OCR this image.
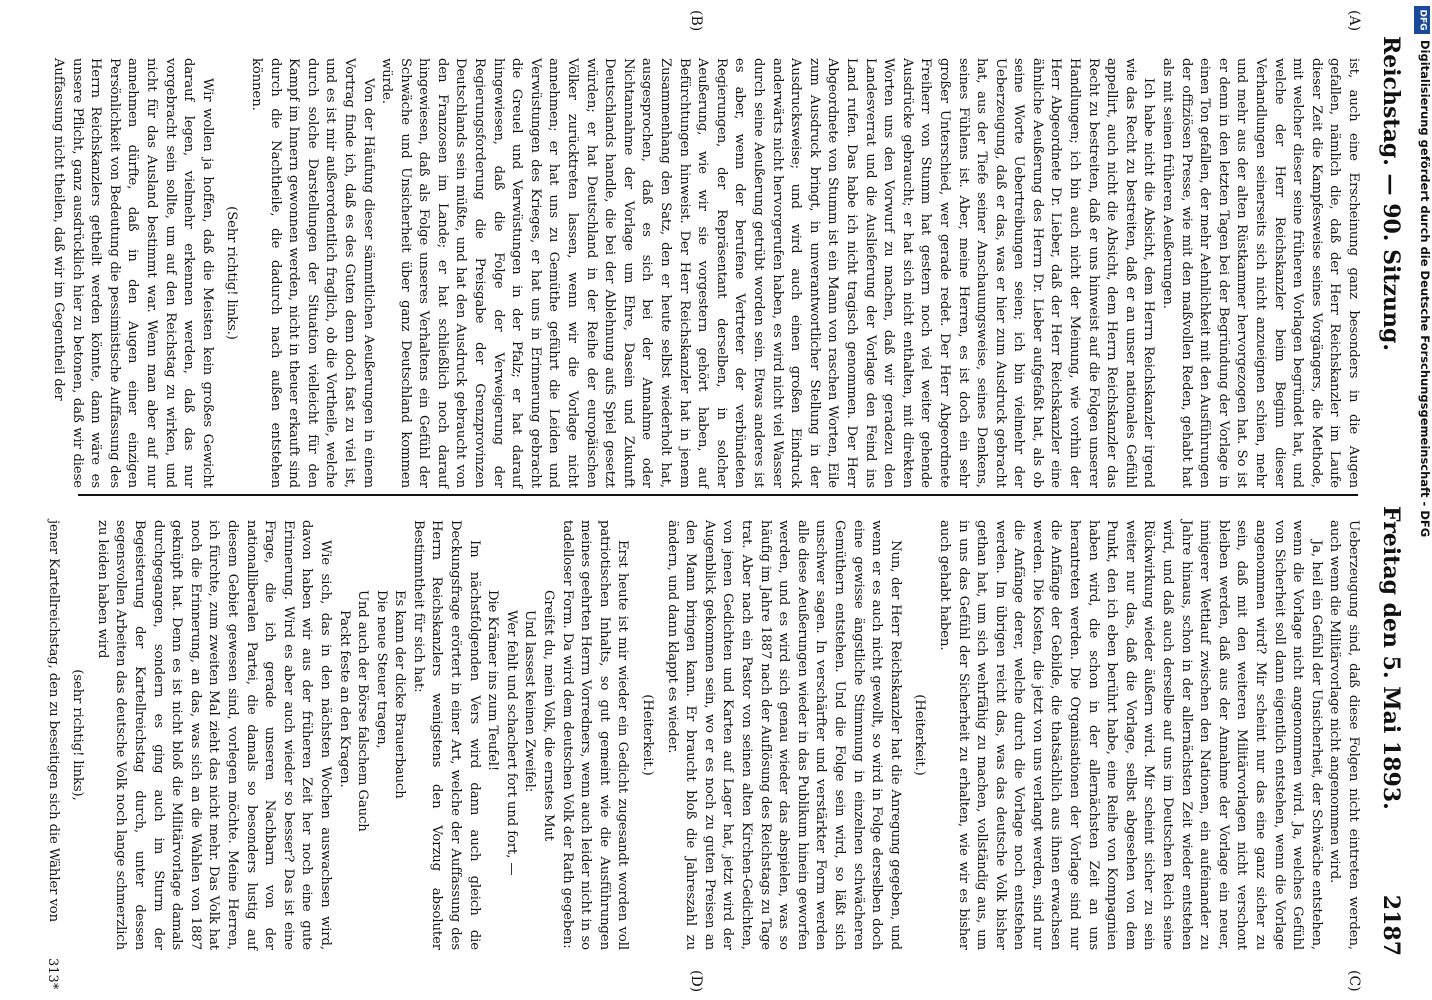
Reichstag. — 90. Sitzung.
Freitag den 5. Mai 1893.
2187
(A)
(B)
(C)
(D)

ist, auch eine Erscheinung ganz besonders in die Augen gefallen, nämlich die, daß der Herr Reichskanzler im Laufe dieser Zeit die Kampfesweise seines Vorgängers, die Methode, mit welcher dieser seine früheren Vorlagen begründet hat, und welche der Herr Reichskanzler beim Beginn dieser Verhandlungen seinerseits sich nicht anzueignen schien, mehr und mehr aus der alten Rüstkammer hervorgezogen hat. So ist er denn in den letzten Tagen bei der Begründung der Vorlage in einen Ton gefallen, der mehr Aehnlichkeit mit den Ausführungen der offiziösen Presse, wie mit den maßvollen Reden, gehabt hat als mit seinen früheren Aeußerungen.

Ich habe nicht die Absicht, dem Herrn Reichskanzler irgend wie das Recht zu bestreiten, daß er an unser nationales Gefühl appellirt, auch nicht die Absicht, dem Herrn Reichskanzler das Recht zu bestreiten, daß er uns hinweist auf die Folgen unserer Handlungen; ich bin auch nicht der Meinung, wie vorhin der Herr Abgeordnete Dr. Lieber, daß der Herr Reichskanzler eine ähnliche Aeußerung des Herrn Dr. Lieber aufgefaßt hat, als ob seine Worte Uebertreibungen seien; ich bin vielmehr der Ueberzeugung, daß er das, was er hier zum Ausdruck gebracht hat, aus der Tiefe seiner Anschauungsweise, seines Denkens, seines Fühlens ist. Aber, meine Herren, es ist doch ein sehr großer Unterschied, wer gerade redet. Der Herr Abgeordnete Freiherr von Stumm hat gestern noch viel weiter gehende Ausdrücke gebraucht; er hat sich nicht enthalten, mit direkten Worten uns den Vorwurf zu machen, daß wir geradezu den Landesverrat und die Auslieferung der Vorlage den Feind ins Land rufen. Das habe ich nicht tragisch genommen. Der Herr Abgeordnete von Stumm ist ein Mann von raschen Worten, Eile zum Ausdruck bringt, in unverantwortlicher Stellung in der Ausdrucksweise; und wird auch einen großen Eindruck anderwärts nicht hervorgerufen haben, es wird nicht viel Wasser durch seine Aeußerung getrübt worden sein. Etwas anderes ist es aber, wenn der berufene Vertreter der verbündeten Regierungen, der Repräsentant derselben, in solcher Aeußerung, wie wir sie vorgestern gehört haben, auf Befürchtungen hinweist. Der Herr Reichskanzler hat in jenem Zusammenhang den Satz, den er heute selbst wiederholt hat, ausgesprochen, daß es sich bei der Annahme oder Nichtannahme der Vorlage um Ehre, Dasein und Zukunft Deutschlands handle, die bei der Ablehnung aufs Spiel gesetzt würden; er hat Deutschland in der Reihe der europäischen Völker zurücktreten lassen, wenn wir die Vorlage nicht annehmen; er hat uns zu Gemüthe geführt die Leiden und Verwüstungen des Krieges, er hat uns in Erinnerung gebracht die Greuel und Verwüstungen in der Pfalz; er hat darauf hingewiesen, daß die Folge der Verweigerung der Regierungsforderung die Preisgabe der Grenzprovinzen Deutschlands sein müßte, und hat den Ausdruck gebraucht von den Franzosen im Lande; er hat schließlich noch darauf hingewiesen, daß als Folge unseres Verhaltens ein Gefühl der Schwäche und Unsicherheit über ganz Deutschland kommen würde.

Von der Häufung dieser sämmtlichen Aeußerungen in einem Vortrag finde ich, daß es des Guten denn doch fast zu viel ist, und es ist mir außerordentlich fraglich, ob die Vortheile, welche durch solche Darstellungen der Situation vielleicht für den Kampf im Innern gewonnen werden, nicht in theuer erkauft sind durch die Nachtheile, die dadurch nach außen entstehen können.

(Sehr richtig! links.)

Wir wollen ja hoffen, daß die Meisten kein großes Gewicht darauf legen, vielmehr erkennen werden, daß das nur vorgebracht sein sollte, um auf den Reichstag zu wirken, und nicht für das Ausland bestimmt war. Wenn man aber auf nur annehmen dürfte, daß in den Augen einer einzigen Persönlichkeit von Bedeutung die pessimistische Auffassung des Herrn Reichskanzlers getheilt werden könnte, dann wäre es unsere Pflicht, ganz ausdrücklich hier zu betonen, daß wir diese Auffassung nicht theilen, daß wir im Gegentheil der

Ueberzeugung sind, daß diese Folgen nicht eintreten werden, auch wenn die Militärvorlage nicht angenommen wird.

Ja, heil ein Gefühl der Unsicherheit, der Schwäche entstehen, wenn die Vorlage nicht angenommen wird. Ja, welches Gefühl von Sicherheit soll dann eigentlich entstehen, wenn die Vorlage angenommen wird? Mir scheint nur das eine ganz sicher zu sein, daß mit den weiteren Militärvorlagen nicht verschont bleiben werden, daß aus der Annahme der Vorlage ein neuer, innigerer Wettlauf zwischen den Nationen, ein aufeinander zu Jahre hinaus, schon in der allernächsten Zeit wieder entstehen wird, und daß auch derselbe auf uns im Deutschen Reich seine Rückwirkung wieder äußern wird. Mir scheint sicher zu sein weiter nur das, daß die Vorlage, selbst abgesehen von dem Punkt, den ich eben berührt habe, eine Reihe von Kompagnien haben wird, die schon in der allernächsten Zeit an uns herantreten werden. Die Organisationen der Vorlage sind nur die Anfänge der Gebilde, die thatsächlich aus ihnen erwachsen werden. Die Kosten, die jetzt von uns verlangt werden, sind nur die Anfänge derer, welche durch die Vorlage noch entstehen werden. Im übrigen reicht das, was das deutsche Volk bisher gethan hat, um sich wehrfähig zu machen, vollständig aus, um in uns das Gefühl der Sicherheit zu erhalten, wie wir es bisher auch gehabt haben.

(Heiterkeit.)

Nun, der Herr Reichskanzler hat die Anregung gegeben, und wenn er es auch nicht gewollt, so wird in Folge derselben doch eine gewisse ängstliche Stimmung in einzelnen schwächeren Gemüthern entstehen. Und die Folge sein wird, so läßt sich unschwer sagen. In verschärfter und verstärkter Form werden alle diese Aeußerungen wieder in das Publikum hinein geworfen werden, und es wird sich genau wieder das abspielen, was so häufig im Jahre 1887 nach der Auflösung des Reichstags zu Tage trat. Aber nach ein Pastor von seinen alten Kirchen-Gedichten, von jenen Gedichten und Karten auf Lager hat, jetzt wird der Augenblick gekommen sein, wo er es noch zu guten Preisen an den Mann bringen kann. Er braucht bloß die Jahreszahl zu ändern, und dann klappt es wieder.

(Heiterkeit.)

Erst heute ist mir wieder ein Gedicht zugesandt worden voll patriotischen Inhalts, so gut gemeint wie die Ausführungen meines geehrten Herrn Vorredners, wenn auch leider nicht in so tadelloser Form. Da wird dem deutschen Volk der Rath gegeben:

Greifst du, mein Volk, die ernstes Mut
Und lassest keinen Zweifel:
Wer fehlt und schachert fort und fort, —
Die Krämer ins zum Teufel!

Im nächstfolgenden Vers wird dann auch gleich die Deckungsfrage erörtert in einer Art, welche der Auffassung des Herrn Reichskanzlers wenigstens den Vorzug absoluter Bestimmtheit für sich hat:

Es kann der dicke Brauerbauch
Die neue Steuer tragen,
Und auch der Börse falschem Gauch
Packt feste an den Kragen.

Wie sich, das in den nächsten Wochen auswachsen wird, davon haben wir aus der früheren Zeit her noch eine gute Erinnerung. Wird es aber auch wieder so besser? Das ist eine Frage, die ich gerade unseren Nachbarn von der nationalliberalen Partei, die damals so besonders lustig auf diesem Gebiet gewesen sind, vorlegen möchte. Meine Herren, ich fürchte, zum zweiten Mal zieht das nicht mehr. Das Volk hat noch die Erinnerung, an das, was sich an die Wahlen von 1887 geknüpft hat. Denn es ist nicht bloß die Militärvorlage damals durchgegangen, sondern es ging auch im Sturm der Begeisterung der Kartellreichstag durch, unter dessen segensvollen Arbeiten das deutsche Volk noch lange schmerzlich zu leiden haben wird

(sehr richtig! links),

jener Kartellreichstag, den zu beseitigen sich die Wähler von

313*
DFG
Digitalisierung gefördert durch die Deutsche Forschungsgemeinschaft - DFG
